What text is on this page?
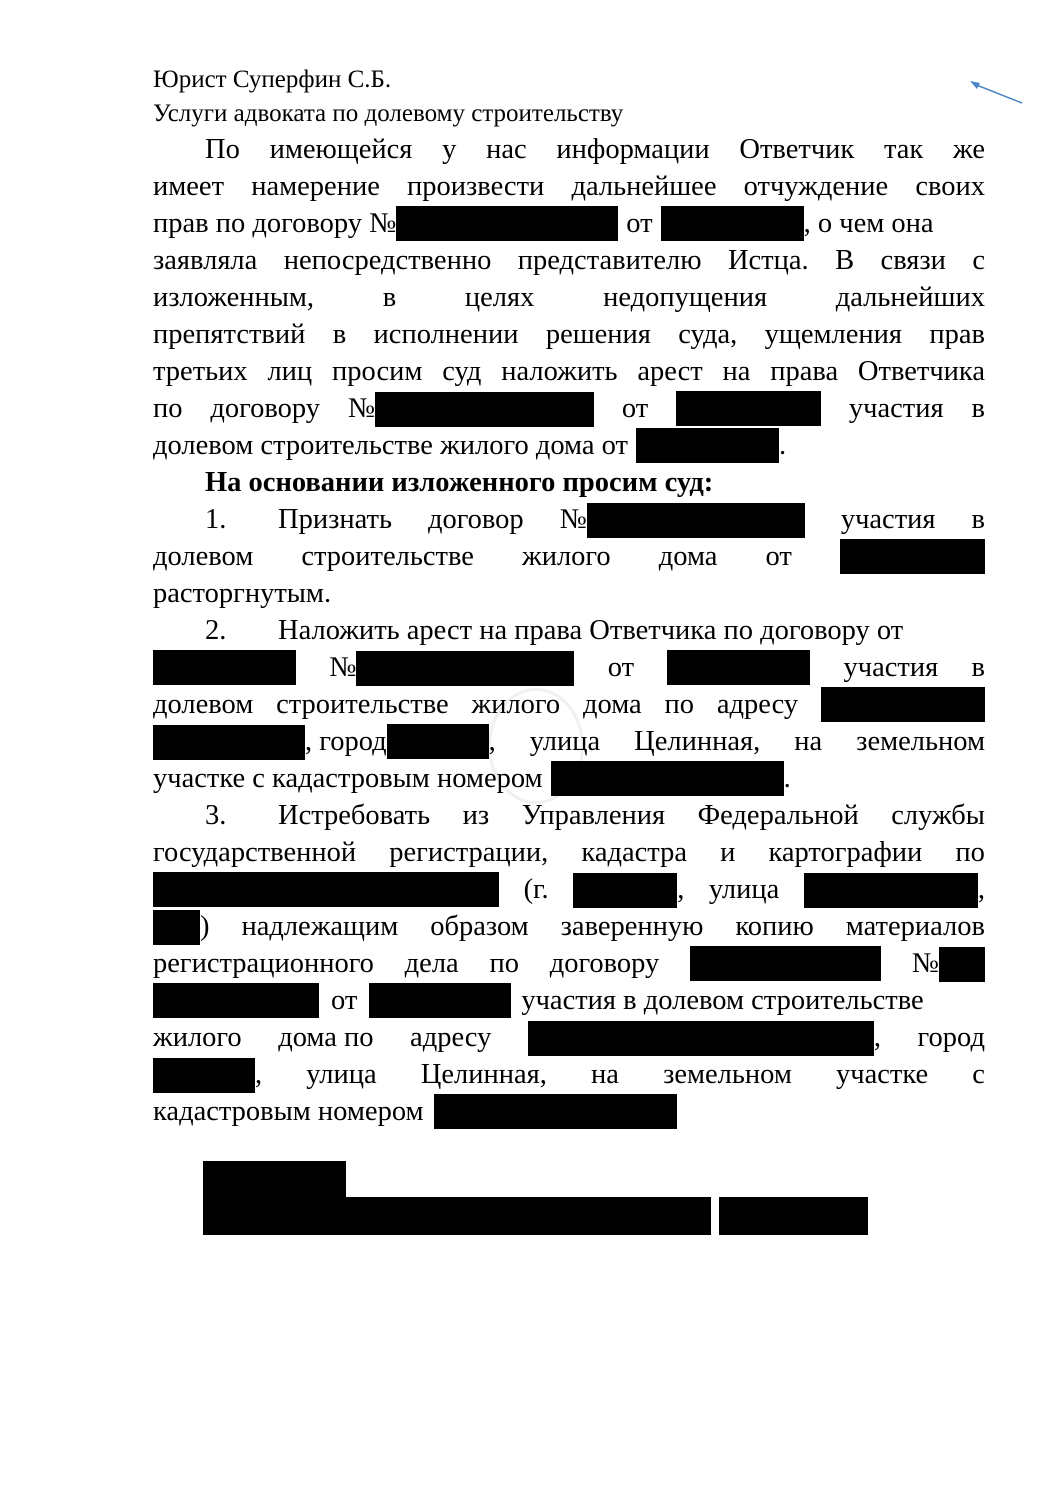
Юрист Суперфин С.Б.
Услуги адвоката по долевому строительству
По имеющейся у нас информации Ответчик так же
имеет намерение произвести дальнейшее отчуждение своих
прав по договору №	от	, о чем она
заявляла непосредственно представителю Истца. В связи с
изложенным, в целях недопущения дальнейших
препятствий в исполнении решения суда, ущемления прав
третьих лиц просим суд наложить арест на права Ответчика
по договору №	от	участия в
долевом строительстве жилого дома от	.
На основании изложенного просим суд:
1. Признать договор №	участия в
долевом строительстве жилого дома от
расторгнутым.
2.	Наложить арест на права Ответчика по договору от
№	от	участия в
долевом строительстве жилого дома по адресу
, город	, улица Целинная, на земельном
участке с кадастровым номером	.
3. Истребовать из Управления Федеральной службы
государственной регистрации, кадастра и картографии по
(г.	, улица	,
) надлежащим образом заверенную копию материалов
регистрационного дела по договору	№
от	участия в долевом строительстве
жилого дома по адресу	, город
, улица Целинная, на земельном участке с
кадастровым номером
